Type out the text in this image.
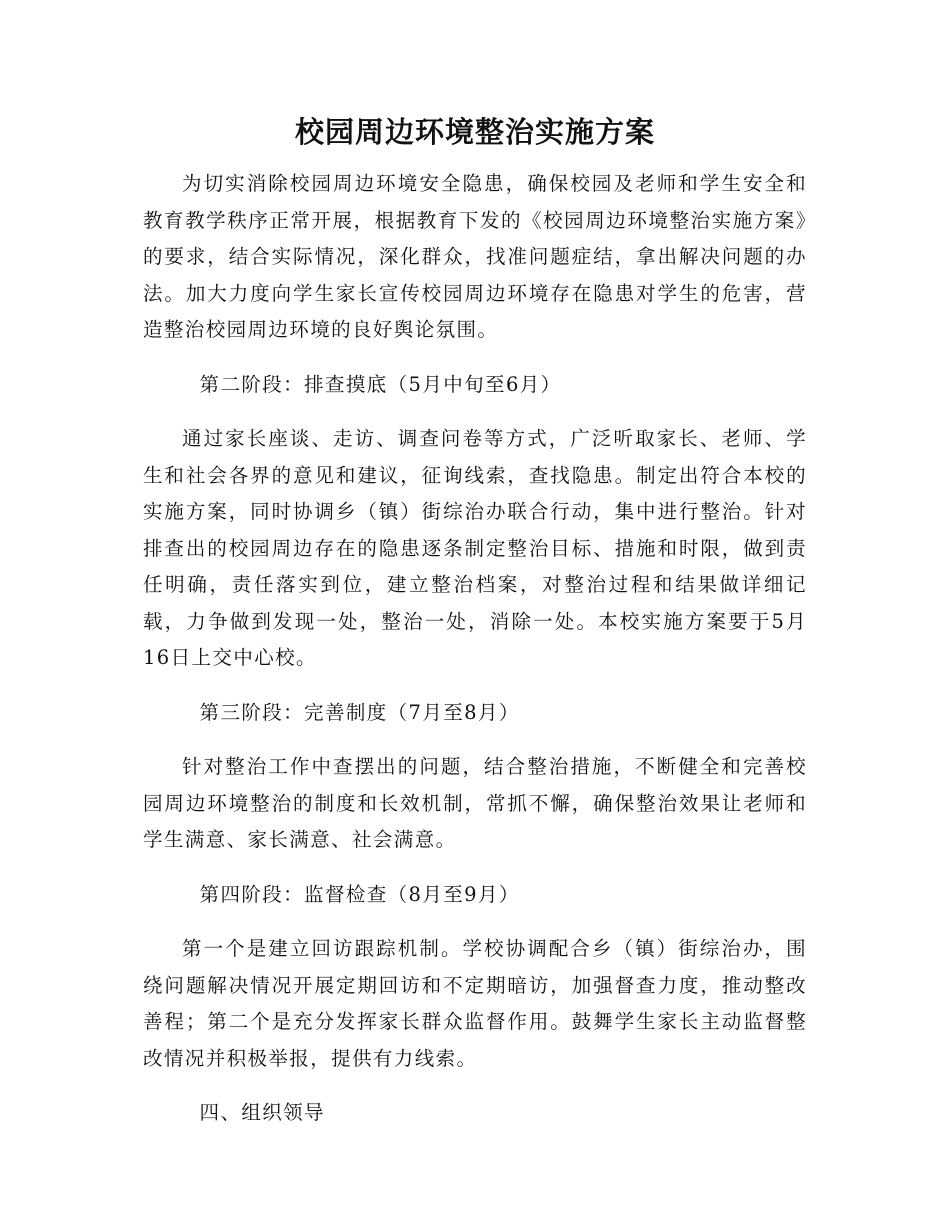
校园周边环境整治实施方案

为切实消除校园周边环境安全隐患，确保校园及老师和学生安全和教育教学秩序正常开展，根据教育下发的《校园周边环境整治实施方案》的要求，结合实际情况，深化群众，找准问题症结，拿出解决问题的办法。加大力度向学生家长宣传校园周边环境存在隐患对学生的危害，营造整治校园周边环境的良好舆论氛围。

第二阶段：排查摸底（5月中旬至6月）

通过家长座谈、走访、调查问卷等方式，广泛听取家长、老师、学生和社会各界的意见和建议，征询线索，查找隐患。制定出符合本校的实施方案，同时协调乡（镇）街综治办联合行动，集中进行整治。针对排查出的校园周边存在的隐患逐条制定整治目标、措施和时限，做到责任明确，责任落实到位，建立整治档案，对整治过程和结果做详细记载，力争做到发现一处，整治一处，消除一处。本校实施方案要于5月16日上交中心校。

第三阶段：完善制度（7月至8月）

针对整治工作中查摆出的问题，结合整治措施，不断健全和完善校园周边环境整治的制度和长效机制，常抓不懈，确保整治效果让老师和学生满意、家长满意、社会满意。

第四阶段：监督检查（8月至9月）

第一个是建立回访跟踪机制。学校协调配合乡（镇）街综治办，围绕问题解决情况开展定期回访和不定期暗访，加强督查力度，推动整改善程；第二个是充分发挥家长群众监督作用。鼓舞学生家长主动监督整改情况并积极举报，提供有力线索。

四、组织领导
